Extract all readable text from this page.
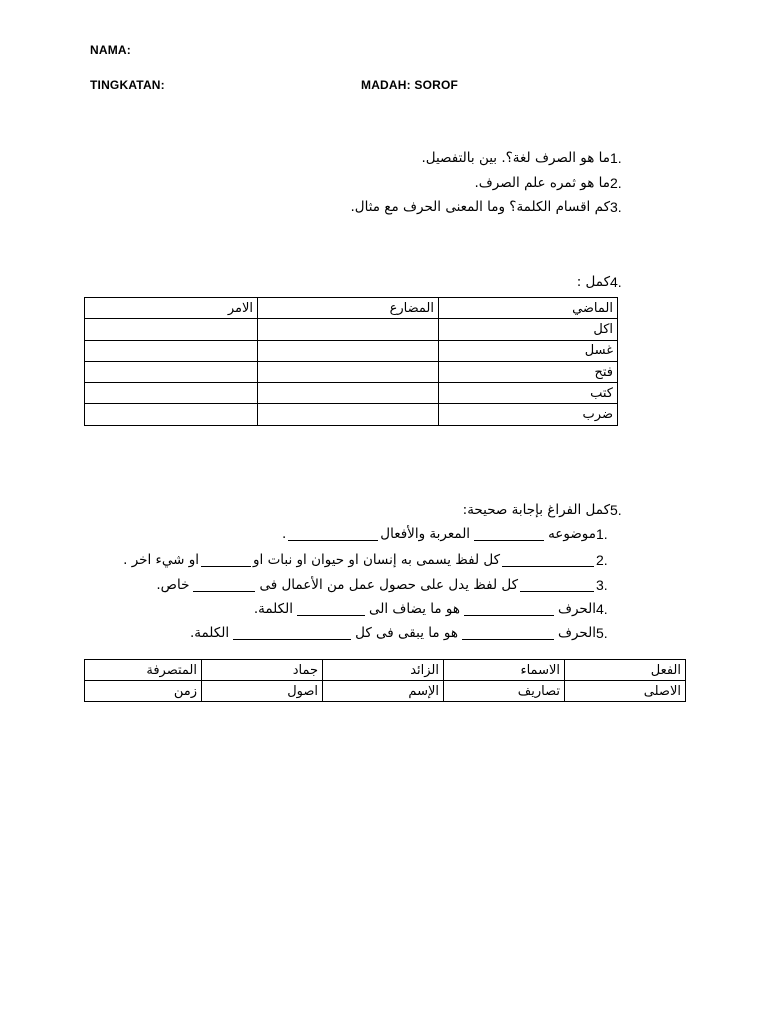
NAMA:
TINGKATAN:	MADAH: SOROF
1.
ما هو الصرف لغة؟. بين بالتفصيل.
2.
ما هو ثمره علم الصرف.
3.
كم اقسام الكلمة؟ وما المعنى الحرف مع مثال.
4.
كمل :
الماضي	المضارع	الامر
اكل		
غسل		
فتح		
كتب		
ضرب		
5.
كمل الفراغ بإجابة صحيحة:
1.
موضوعه
المعربة والأفعال
.
2.
كل لفظ يسمى به إنسان او حيوان او نبات او
او شيء اخر .
3.
كل لفظ يدل على حصول عمل من الأعمال فى
خاص.
4.
الحرف
هو ما يضاف الى
الكلمة.
5.
الحرف
هو ما يبقى فى كل
الكلمة.
الفعل	الاسماء	الزائد	جماد	المتصرفة
الاصلى	تصاريف	الإسم	اصول	زمن
